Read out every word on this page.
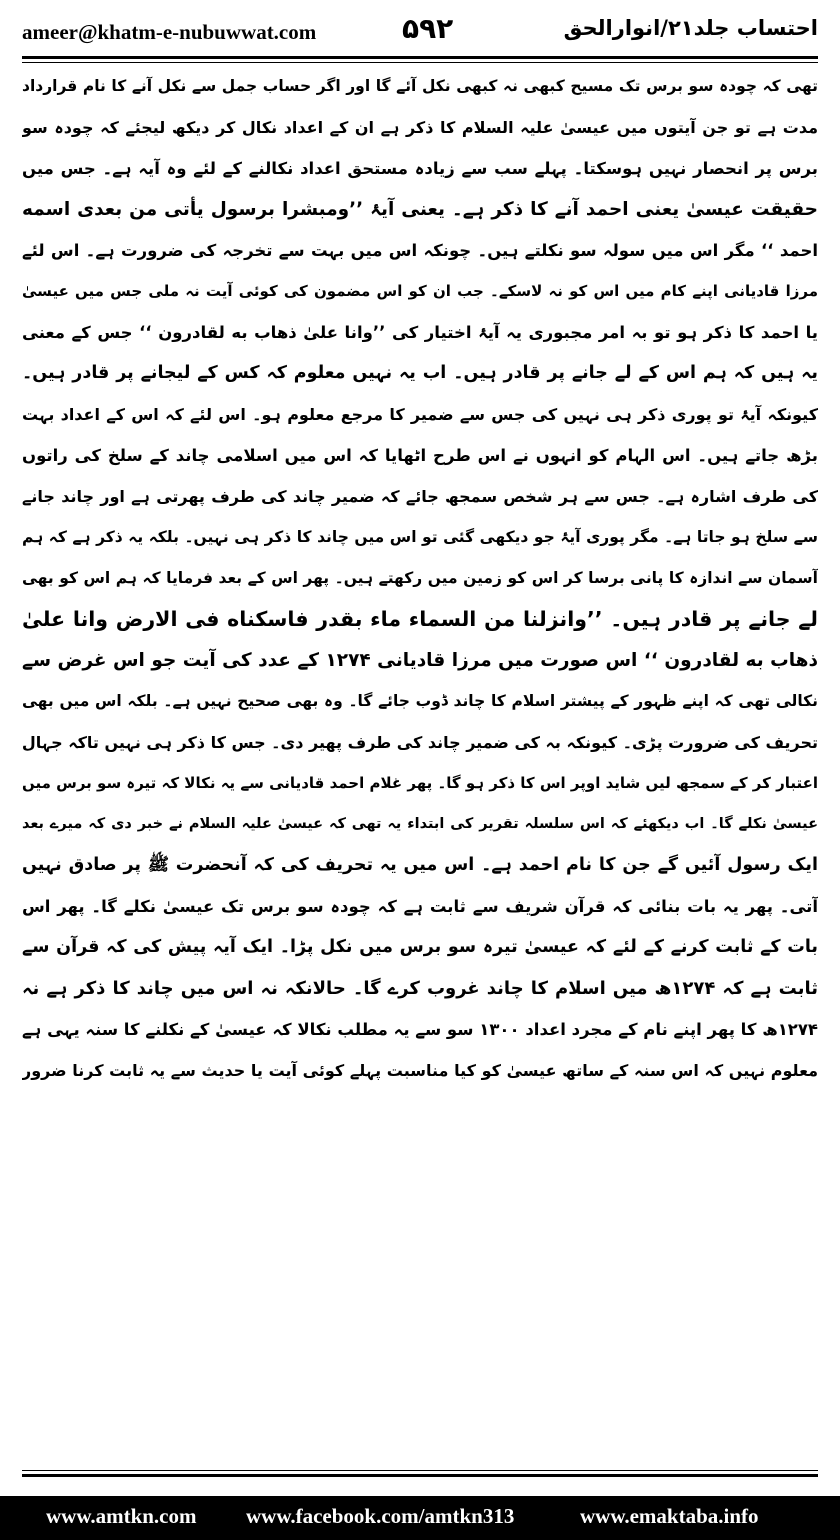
ameer@khatm-e-nubuwwat.com	۵۹۲	احتساب جلد۲۱/انوارالحق
تھی کہ چودہ سو برس تک مسیح کبھی نہ کبھی نکل آئے گا اور اگر حساب جمل سے نکل آنے کا نام قرارداد
مدت ہے تو جن آیتوں میں عیسیٰ علیہ السلام کا ذکر ہے ان کے اعداد نکال کر دیکھ لیجئے کہ چودہ سو
برس پر انحصار نہیں ہوسکتا۔ پہلے سب سے زیادہ مستحق اعداد نکالنے کے لئے وہ آیہ ہے۔ جس میں
حقیقت عیسیٰ یعنی احمد آنے کا ذکر ہے۔ یعنی آیۂ ’’ومبشرا برسول یأتی من بعدی اسمه
احمد ‘‘ مگر اس میں سولہ سو نکلتے ہیں۔ چونکہ اس میں بہت سے تخرجہ کی ضرورت ہے۔ اس لئے
مرزا قادیانی اپنے کام میں اس کو نہ لاسکے۔ جب ان کو اس مضمون کی کوئی آیت نہ ملی جس میں عیسیٰ
یا احمد کا ذکر ہو تو بہ امر مجبوری یہ آیۂ اختیار کی ’’وانا علیٰ ذهاب به لقادرون ‘‘ جس کے معنی
یہ ہیں کہ ہم اس کے لے جانے پر قادر ہیں۔ اب یہ نہیں معلوم کہ کس کے لیجانے پر قادر ہیں۔
کیونکہ آیۂ تو پوری ذکر ہی نہیں کی جس سے ضمیر کا مرجع معلوم ہو۔ اس لئے کہ اس کے اعداد بہت
بڑھ جاتے ہیں۔ اس الہام کو انہوں نے اس طرح اٹھایا کہ اس میں اسلامی چاند کے سلخ کی راتوں
کی طرف اشارہ ہے۔ جس سے ہر شخص سمجھ جائے کہ ضمیر چاند کی طرف پھرتی ہے اور چاند جانے
سے سلخ ہو جاتا ہے۔ مگر پوری آیۂ جو دیکھی گئی تو اس میں چاند کا ذکر ہی نہیں۔ بلکہ یہ ذکر ہے کہ ہم
آسمان سے اندازہ کا پانی برسا کر اس کو زمین میں رکھتے ہیں۔ پھر اس کے بعد فرمایا کہ ہم اس کو بھی
لے جانے پر قادر ہیں۔ ’’وانزلنا من السماء ماء بقدر فاسکناه فی الارض وانا علیٰ
ذهاب به لقادرون ‘‘ اس صورت میں مرزا قادیانی ۱۲۷۴ کے عدد کی آیت جو اس غرض سے
نکالی تھی کہ اپنے ظہور کے پیشتر اسلام کا چاند ڈوب جائے گا۔ وہ بھی صحیح نہیں ہے۔ بلکہ اس میں بھی
تحریف کی ضرورت پڑی۔ کیونکہ بہ کی ضمیر چاند کی طرف پھیر دی۔ جس کا ذکر ہی نہیں تاکہ جہال
اعتبار کر کے سمجھ لیں شاید اوپر اس کا ذکر ہو گا۔ پھر غلام احمد قادیانی سے یہ نکالا کہ تیرہ سو برس میں
عیسیٰ نکلے گا۔ اب دیکھئے کہ اس سلسلہ تقریر کی ابتداء یہ تھی کہ عیسیٰ علیہ السلام نے خبر دی کہ میرے بعد
ایک رسول آئیں گے جن کا نام احمد ہے۔ اس میں یہ تحریف کی کہ آنحضرت ﷺ پر صادق نہیں
آتی۔ پھر یہ بات بنائی کہ قرآن شریف سے ثابت ہے کہ چودہ سو برس تک عیسیٰ نکلے گا۔ پھر اس
بات کے ثابت کرنے کے لئے کہ عیسیٰ تیرہ سو برس میں نکل پڑا۔ ایک آیہ پیش کی کہ قرآن سے
ثابت ہے کہ ۱۲۷۴ھ میں اسلام کا چاند غروب کرے گا۔ حالانکہ نہ اس میں چاند کا ذکر ہے نہ
۱۲۷۴ھ کا پھر اپنے نام کے مجرد اعداد ۱۳۰۰ سو سے یہ مطلب نکالا کہ عیسیٰ کے نکلنے کا سنہ یہی ہے
معلوم نہیں کہ اس سنہ کے ساتھ عیسیٰ کو کیا مناسبت پہلے کوئی آیت یا حدیث سے یہ ثابت کرنا ضرور
www.amtkn.com www.facebook.com/amtkn313	www.emaktaba.info
